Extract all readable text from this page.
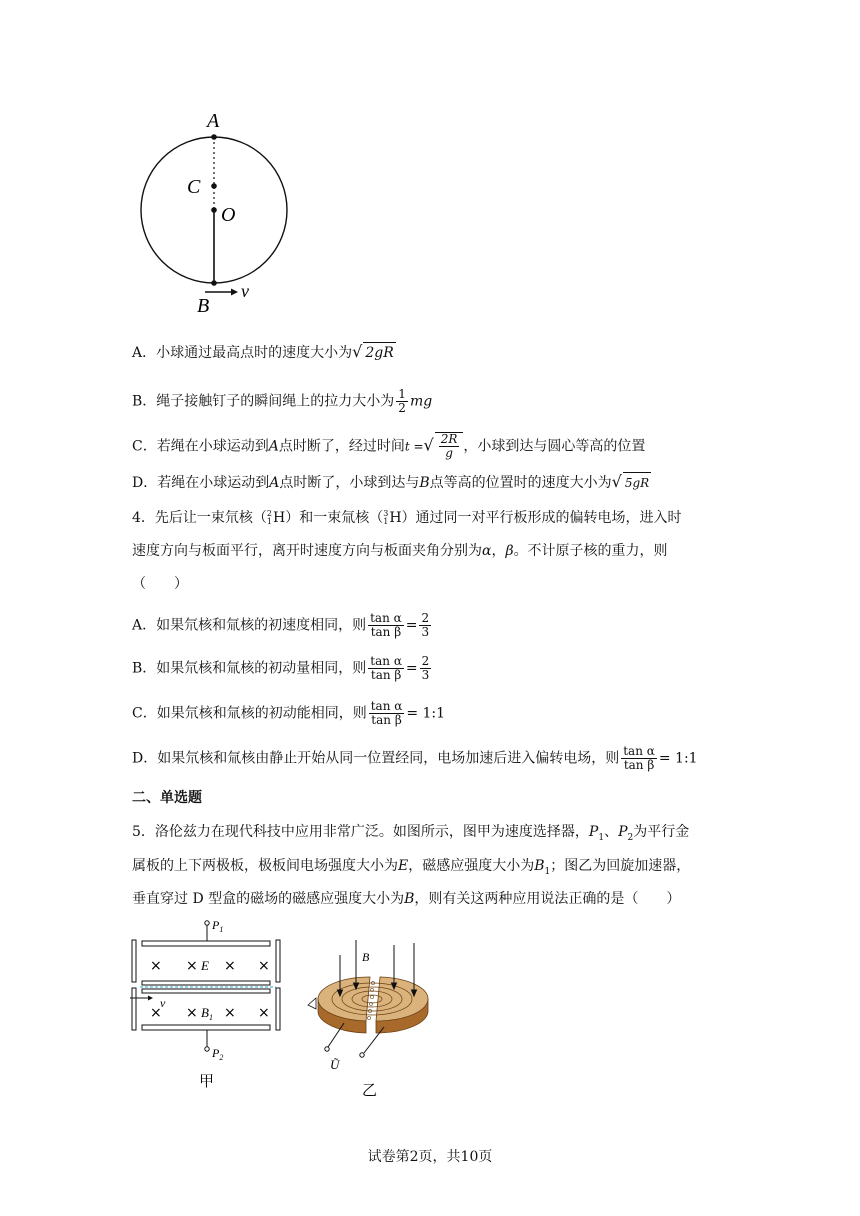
A
C
O
B
v
A．小球通过最高点时的速度大小为√ 2gR
B．绳子接触钉子的瞬间绳上的拉力大小为 $\frac{1}{2}$ mg
C．若绳在小球运动到A点时断了，经过时间t =√ $\frac{2R}{g}$ ，小球到达与圆心等高的位置
D．若绳在小球运动到A点时断了，小球到达与B点等高的位置时的速度大小为√ 5gR
4．先后让一束氘核（ 2
1 H）和一束氚核（ 3
1 H）通过同一对平行板形成的偏转电场，进入时
速度方向与板面平行，离开时速度方向与板面夹角分别为α，β。不计原子核的重力，则
（　　）
A．如果氘核和氚核的初速度相同，则 $\frac{\text{tan α}}{\text{tan β}} = \frac{2}{3}$
B．如果氘核和氚核的初动量相同，则 $\frac{\text{tan α}}{\text{tan β}} = \frac{2}{3}$
C．如果氘核和氚核的初动能相同，则 $\frac{\text{tan α}}{\text{tan β}}$ = 1:1
D．如果氘核和氚核由静止开始从同一位置经同，电场加速后进入偏转电场，则 $\frac{\text{tan α}}{\text{tan β}}$ = 1:1
二、单选题
5．洛伦兹力在现代科技中应用非常广泛。如图所示，图甲为速度选择器，$P_1$、$P_2$为平行金
属板的上下两极板，极板间电场强度大小为E，磁感应强度大小为$B_1$；图乙为回旋加速器，
垂直穿过 D 型盒的磁场的磁感应强度大小为B，则有关这两种应用说法正确的是（　　）
$P_1$
$P_2$
× × E × ×
v
× × $B_1$ × ×
甲
B
Ũ
乙
试卷第2页，共10页
